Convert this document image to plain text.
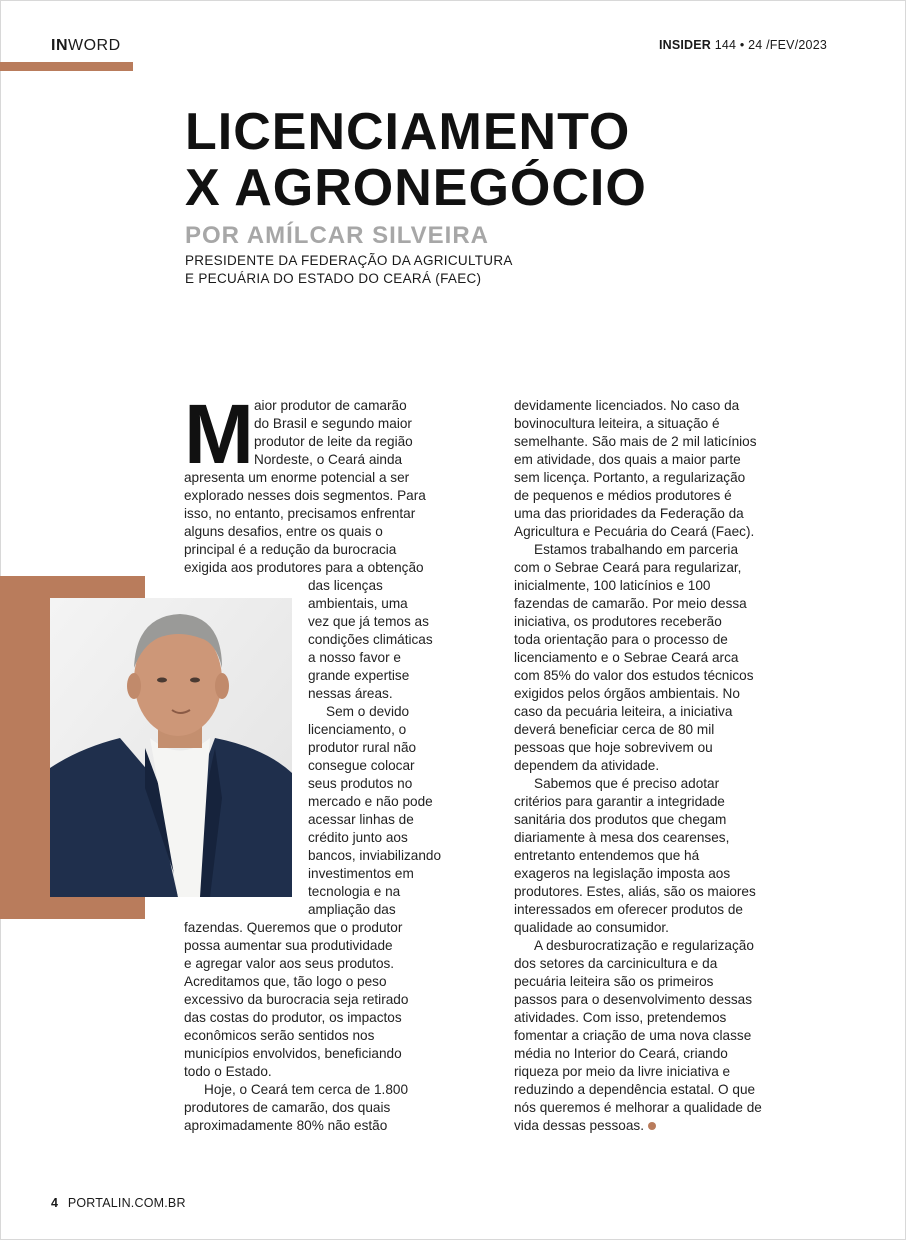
INWORD	INSIDER 144 • 24 /FEV/2023
LICENCIAMENTO
X AGRONEGÓCIO
POR AMÍLCAR SILVEIRA
PRESIDENTE DA FEDERAÇÃO DA AGRICULTURA
E PECUÁRIA DO ESTADO DO CEARÁ (FAEC)
M aior produtor de camarão
do Brasil e segundo maior
produtor de leite da região
Nordeste, o Ceará ainda
apresenta um enorme potencial a ser
explorado nesses dois segmentos. Para
isso, no entanto, precisamos enfrentar
alguns desafios, entre os quais o
principal é a redução da burocracia
exigida aos produtores para a obtenção
das licenças
ambientais, uma
vez que já temos as
condições climáticas
a nosso favor e
grande expertise
nessas áreas.
Sem o devido
licenciamento, o
produtor rural não
consegue colocar
seus produtos no
mercado e não pode
acessar linhas de
crédito junto aos
bancos, inviabilizando
investimentos em
tecnologia e na
ampliação das
fazendas. Queremos que o produtor
possa aumentar sua produtividade
e agregar valor aos seus produtos.
Acreditamos que, tão logo o peso
excessivo da burocracia seja retirado
das costas do produtor, os impactos
econômicos serão sentidos nos
municípios envolvidos, beneficiando
todo o Estado.
Hoje, o Ceará tem cerca de 1.800
produtores de camarão, dos quais
aproximadamente 80% não estão
devidamente licenciados. No caso da
bovinocultura leiteira, a situação é
semelhante. São mais de 2 mil laticínios
em atividade, dos quais a maior parte
sem licença. Portanto, a regularização
de pequenos e médios produtores é
uma das prioridades da Federação da
Agricultura e Pecuária do Ceará (Faec).
Estamos trabalhando em parceria
com o Sebrae Ceará para regularizar,
inicialmente, 100 laticínios e 100
fazendas de camarão. Por meio dessa
iniciativa, os produtores receberão
toda orientação para o processo de
licenciamento e o Sebrae Ceará arca
com 85% do valor dos estudos técnicos
exigidos pelos órgãos ambientais. No
caso da pecuária leiteira, a iniciativa
deverá beneficiar cerca de 80 mil
pessoas que hoje sobrevivem ou
dependem da atividade.
Sabemos que é preciso adotar
critérios para garantir a integridade
sanitária dos produtos que chegam
diariamente à mesa dos cearenses,
entretanto entendemos que há
exageros na legislação imposta aos
produtores. Estes, aliás, são os maiores
interessados em oferecer produtos de
qualidade ao consumidor.
A desburocratização e regularização
dos setores da carcinicultura e da
pecuária leiteira são os primeiros
passos para o desenvolvimento dessas
atividades. Com isso, pretendemos
fomentar a criação de uma nova classe
média no Interior do Ceará, criando
riqueza por meio da livre iniciativa e
reduzindo a dependência estatal. O que
nós queremos é melhorar a qualidade de
vida dessas pessoas.
4 PORTALIN.COM.BR
